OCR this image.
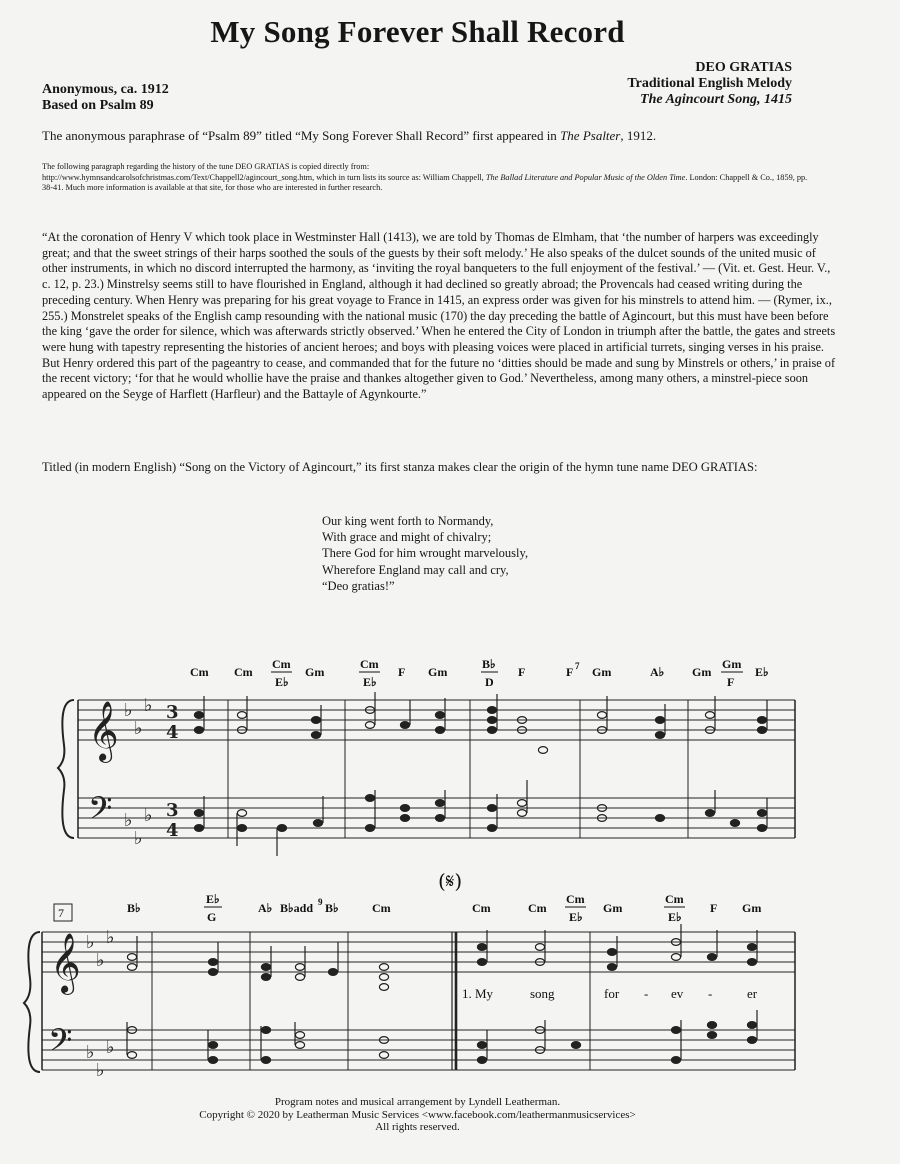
My Song Forever Shall Record
Anonymous, ca. 1912
Based on Psalm 89
DEO GRATIAS
Traditional English Melody
The Agincourt Song, 1415
The anonymous paraphrase of “Psalm 89” titled “My Song Forever Shall Record” first appeared in The Psalter, 1912.
The following paragraph regarding the history of the tune DEO GRATIAS is copied directly from:
http://www.hymnsandcarolsofchristmas.com/Text/Chappell2/agincourt_song.htm, which in turn lists its source as: William Chappell, The Ballad Literature and Popular Music of the Olden Time. London: Chappell & Co., 1859, pp. 38-41. Much more information is available at that site, for those who are interested in further research.
“At the coronation of Henry V which took place in Westminster Hall (1413), we are told by Thomas de Elmham, that ‘the number of harpers was exceedingly great; and that the sweet strings of their harps soothed the souls of the guests by their soft melody.’ He also speaks of the dulcet sounds of the united music of other instruments, in which no discord interrupted the harmony, as ‘inviting the royal banqueters to the full enjoyment of the festival.’ — (Vit. et. Gest. Heur. V., c. 12, p. 23.) Minstrelsy seems still to have flourished in England, although it had declined so greatly abroad; the Provencals had ceased writing during the preceding century. When Henry was preparing for his great voyage to France in 1415, an express order was given for his minstrels to attend him. — (Rymer, ix., 255.) Monstrelet speaks of the English camp resounding with the national music (170) the day preceding the battle of Agincourt, but this must have been before the king ‘gave the order for silence, which was afterwards strictly observed.’ When he entered the City of London in triumph after the battle, the gates and streets were hung with tapestry representing the histories of ancient heroes; and boys with pleasing voices were placed in artificial turrets, singing verses in his praise. But Henry ordered this part of the pageantry to cease, and commanded that for the future no ‘ditties should be made and sung by Minstrels or others,’ in praise of the recent victory; ‘for that he would whollie have the praise and thankes altogether given to God.’ Nevertheless, among many others, a minstrel-piece soon appeared on the Seyge of Harflett (Harfleur) and the Battayle of Agynkourte.”
Titled (in modern English) “Song on the Victory of Agincourt,” its first stanza makes clear the origin of the hymn tune name DEO GRATIAS:
Our king went forth to Normandy,
With grace and might of chivalry;
There God for him wrought marvelously,
Wherefore England may call and cry,
“Deo gratias!”
𝄞
𝄢
♭
♭
♭
♭
♭
♭
3
4
3
4
Cm Cm
Cm
E♭
Gm
Cm
E♭
F Gm
B♭
D
F	F 7 Gm	A♭ Gm
Gm
F
E♭
7
(𝄋)
𝄞
𝄢
♭
♭
♭
♭
♭
♭
B♭
E♭
G
A♭ B♭add 9 B♭	Cm	Cm	Cm
Cm
E♭
Gm
Cm
E♭
F Gm
1. My	song	for - ev -	er
Program notes and musical arrangement by Lyndell Leatherman.
Copyright © 2020 by Leatherman Music Services <www.facebook.com/leathermanmusicservices>
All rights reserved.
